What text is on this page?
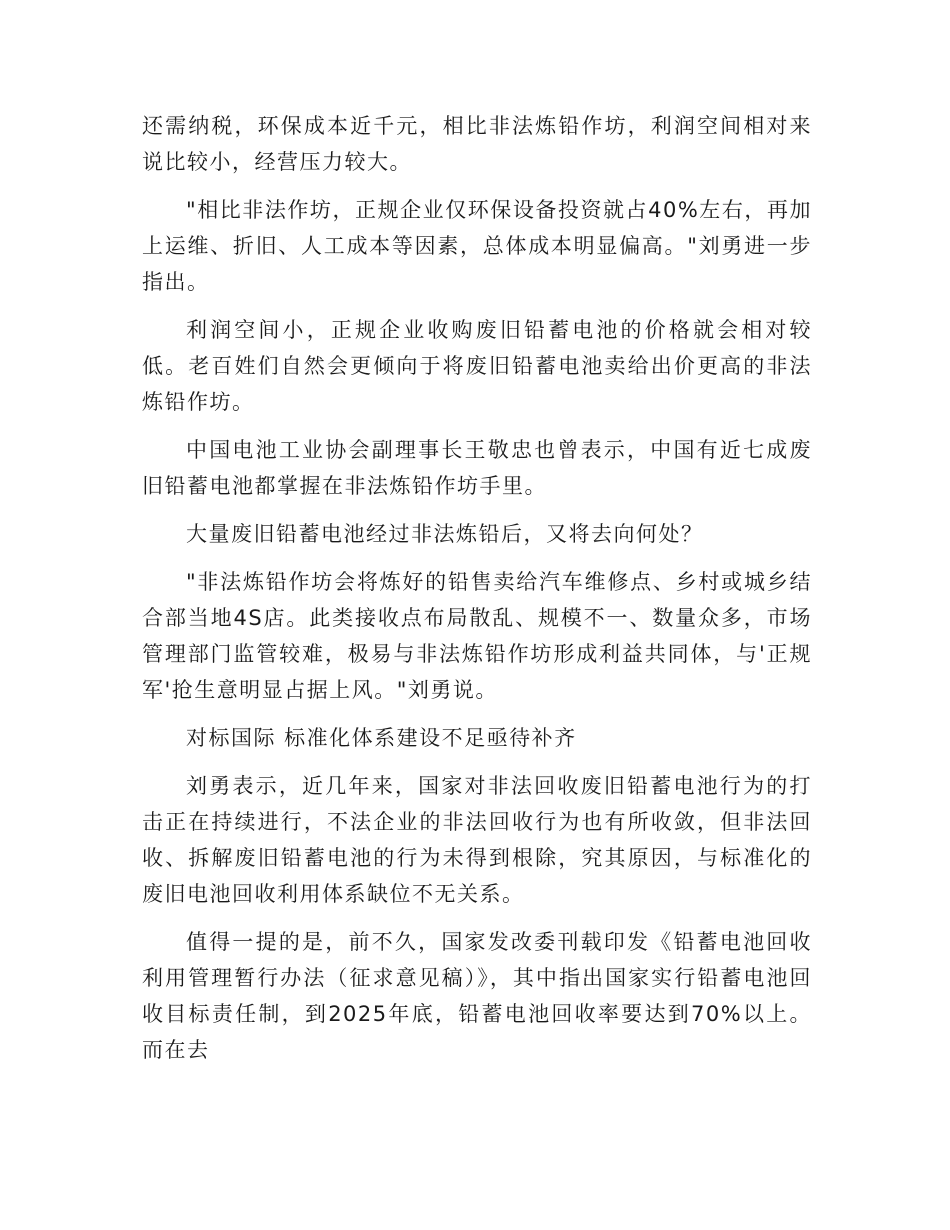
还需纳税，环保成本近千元，相比非法炼铅作坊，利润空间相对来说比较小，经营压力较大。

"相比非法作坊，正规企业仅环保设备投资就占40%左右，再加上运维、折旧、人工成本等因素，总体成本明显偏高。"刘勇进一步指出。

利润空间小，正规企业收购废旧铅蓄电池的价格就会相对较低。老百姓们自然会更倾向于将废旧铅蓄电池卖给出价更高的非法炼铅作坊。

中国电池工业协会副理事长王敬忠也曾表示，中国有近七成废旧铅蓄电池都掌握在非法炼铅作坊手里。

大量废旧铅蓄电池经过非法炼铅后，又将去向何处？

"非法炼铅作坊会将炼好的铅售卖给汽车维修点、乡村或城乡结合部当地4S店。此类接收点布局散乱、规模不一、数量众多，市场管理部门监管较难，极易与非法炼铅作坊形成利益共同体，与'正规军'抢生意明显占据上风。"刘勇说。

对标国际 标准化体系建设不足亟待补齐

刘勇表示，近几年来，国家对非法回收废旧铅蓄电池行为的打击正在持续进行，不法企业的非法回收行为也有所收敛，但非法回收、拆解废旧铅蓄电池的行为未得到根除，究其原因，与标准化的废旧电池回收利用体系缺位不无关系。

值得一提的是，前不久，国家发改委刊载印发《铅蓄电池回收利用管理暂行办法（征求意见稿）》，其中指出国家实行铅蓄电池回收目标责任制，到2025年底，铅蓄电池回收率要达到70%以上。而在去
